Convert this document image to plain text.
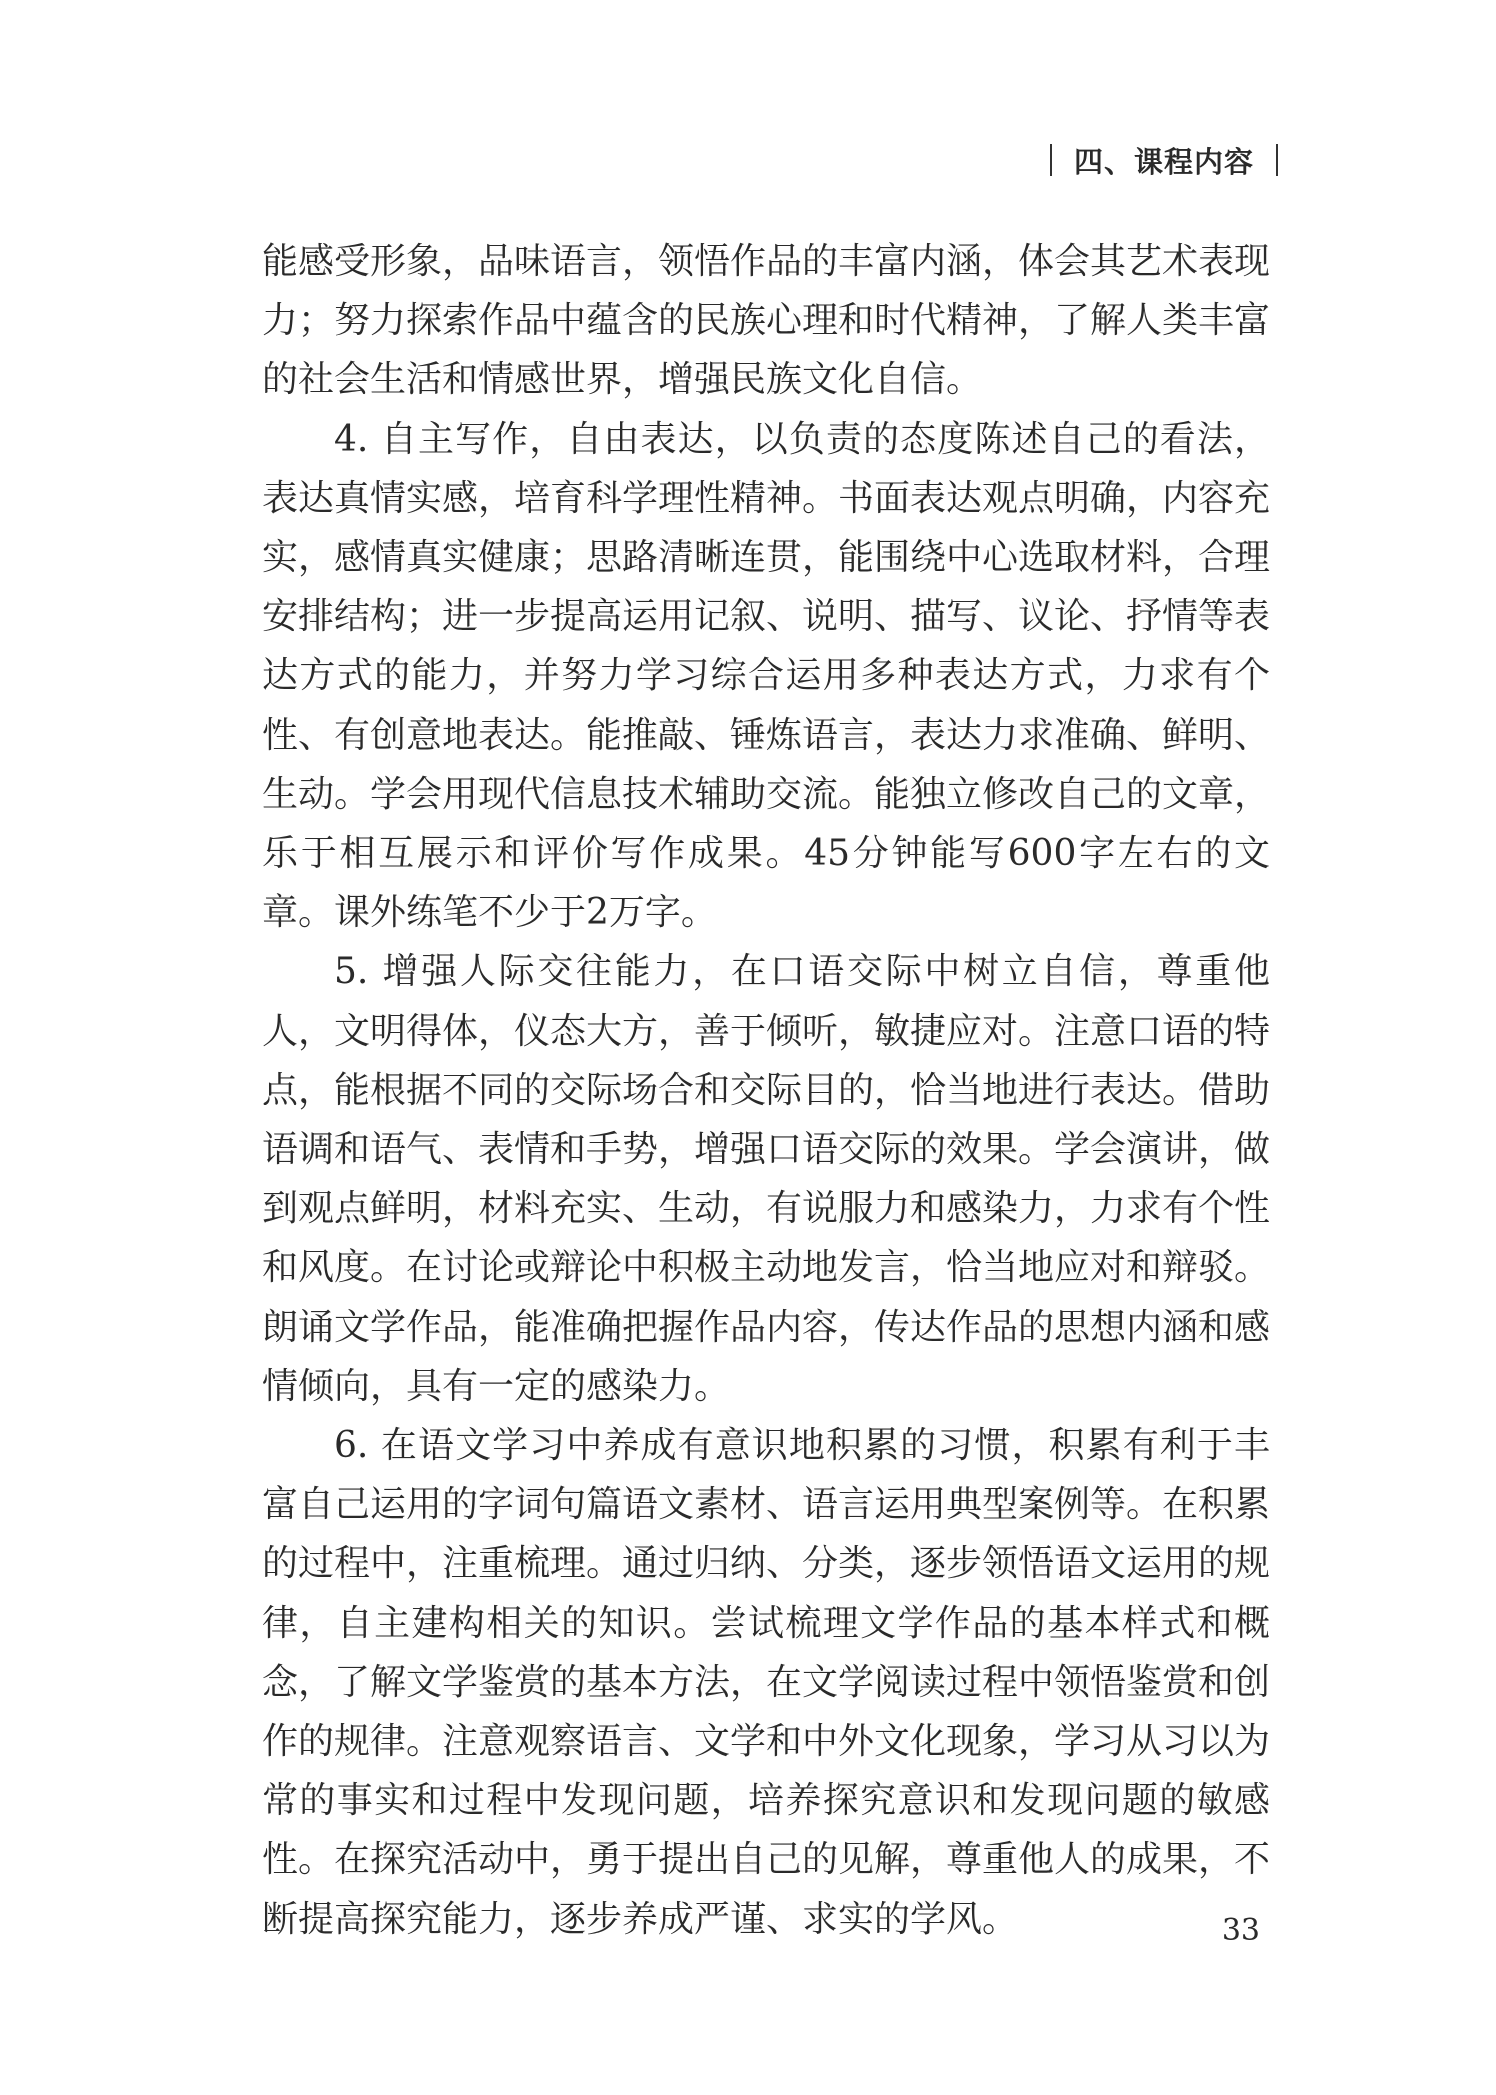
四、课程内容

能感受形象，品味语言，领悟作品的丰富内涵，体会其艺术表现力；努力探索作品中蕴含的民族心理和时代精神，了解人类丰富的社会生活和情感世界，增强民族文化自信。

4. 自主写作，自由表达，以负责的态度陈述自己的看法，表达真情实感，培育科学理性精神。书面表达观点明确，内容充实，感情真实健康；思路清晰连贯，能围绕中心选取材料，合理安排结构；进一步提高运用记叙、说明、描写、议论、抒情等表达方式的能力，并努力学习综合运用多种表达方式，力求有个性、有创意地表达。能推敲、锤炼语言，表达力求准确、鲜明、生动。学会用现代信息技术辅助交流。能独立修改自己的文章，乐于相互展示和评价写作成果。45分钟能写600字左右的文章。课外练笔不少于2万字。

5. 增强人际交往能力，在口语交际中树立自信，尊重他人，文明得体，仪态大方，善于倾听，敏捷应对。注意口语的特点，能根据不同的交际场合和交际目的，恰当地进行表达。借助语调和语气、表情和手势，增强口语交际的效果。学会演讲，做到观点鲜明，材料充实、生动，有说服力和感染力，力求有个性和风度。在讨论或辩论中积极主动地发言，恰当地应对和辩驳。朗诵文学作品，能准确把握作品内容，传达作品的思想内涵和感情倾向，具有一定的感染力。

6. 在语文学习中养成有意识地积累的习惯，积累有利于丰富自己运用的字词句篇语文素材、语言运用典型案例等。在积累的过程中，注重梳理。通过归纳、分类，逐步领悟语文运用的规律，自主建构相关的知识。尝试梳理文学作品的基本样式和概念，了解文学鉴赏的基本方法，在文学阅读过程中领悟鉴赏和创作的规律。注意观察语言、文学和中外文化现象，学习从习以为常的事实和过程中发现问题，培养探究意识和发现问题的敏感性。在探究活动中，勇于提出自己的见解，尊重他人的成果，不断提高探究能力，逐步养成严谨、求实的学风。	33
